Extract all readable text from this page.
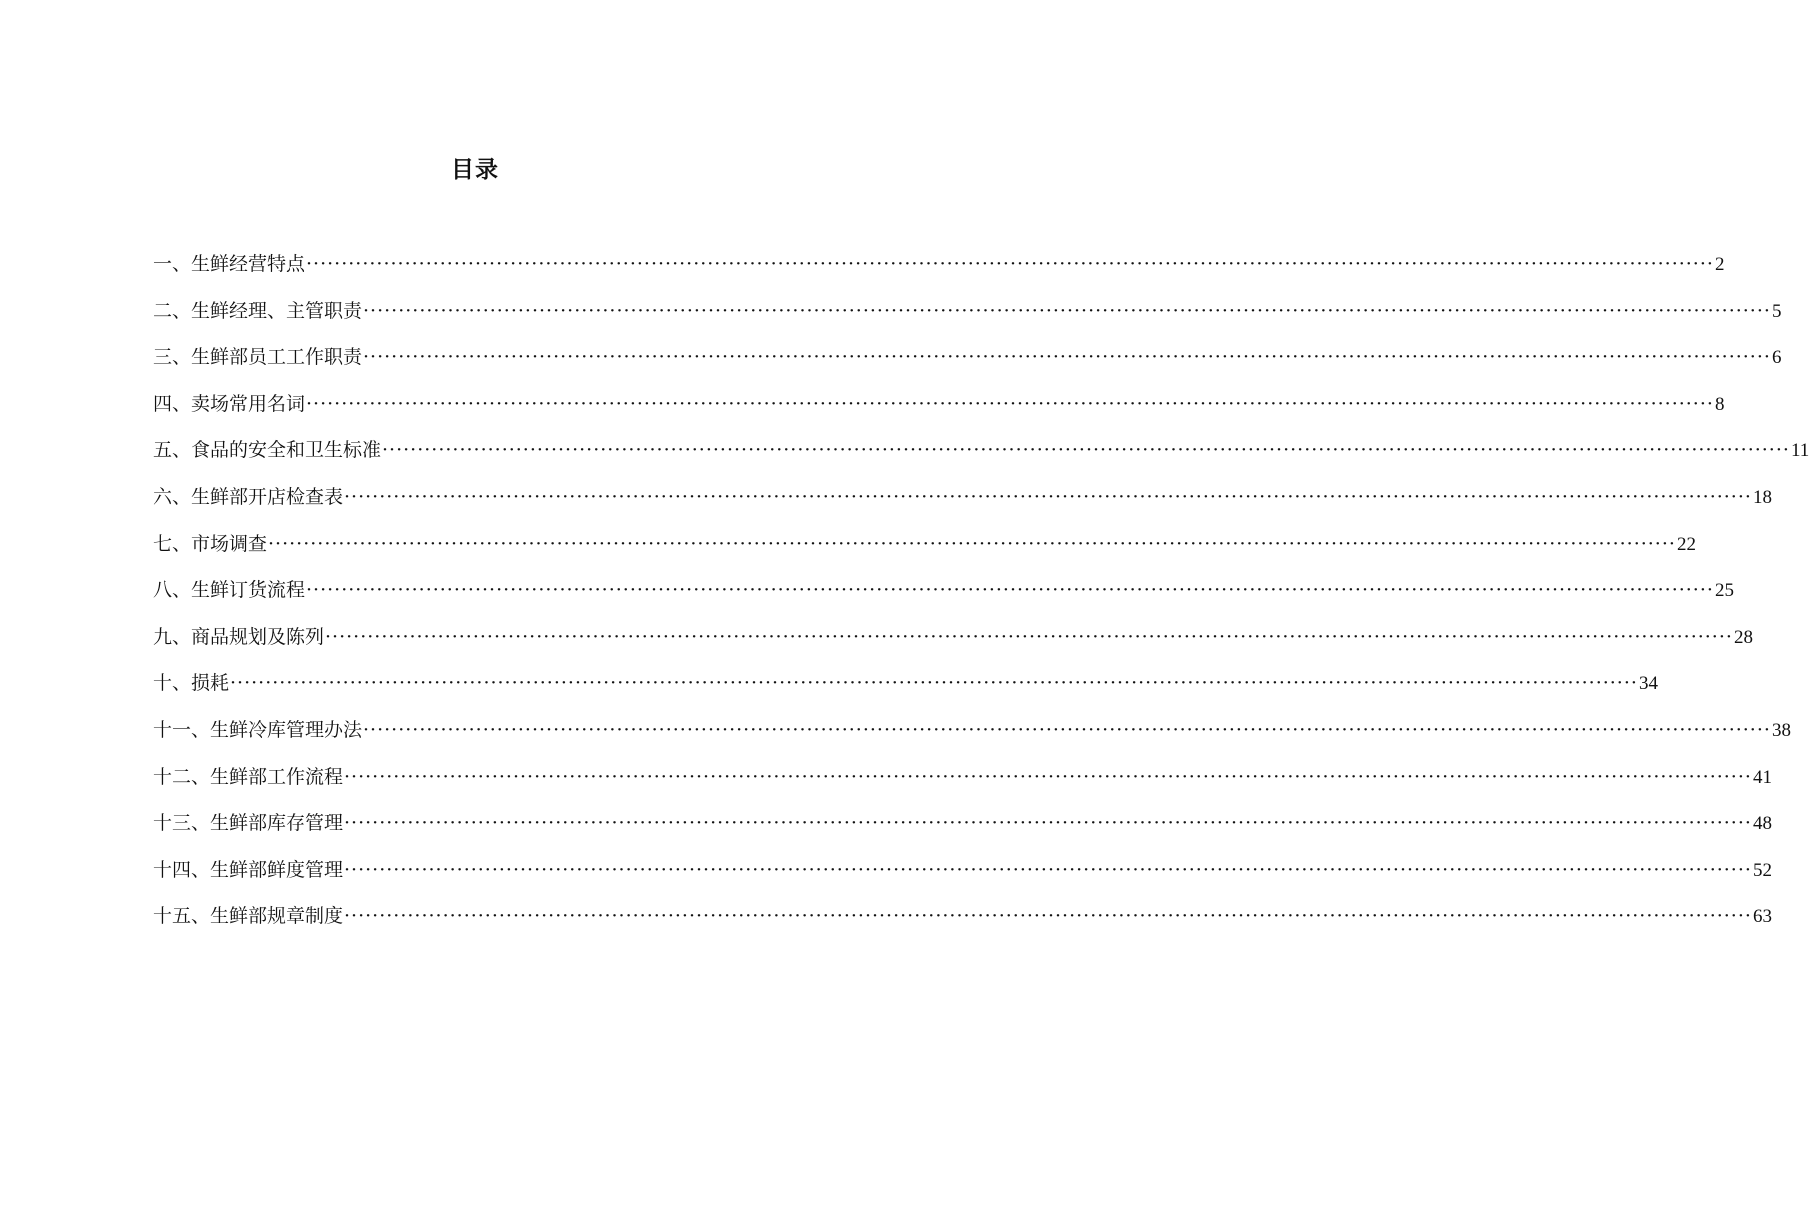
目录
一、生鲜经营特点 ········································································································································································································ 2
二、生鲜经理、主管职责 ········································································································································································································ 5
三、生鲜部员工工作职责 ········································································································································································································ 6
四、卖场常用名词 ········································································································································································································ 8
五、食品的安全和卫生标准 ········································································································································································································ 11
六、生鲜部开店检查表 ········································································································································································································ 18
七、市场调查 ········································································································································································································ 22
八、生鲜订货流程 ········································································································································································································ 25
九、商品规划及陈列 ········································································································································································································ 28
十、损耗 ········································································································································································································ 34
十一、生鲜冷库管理办法 ········································································································································································································ 38
十二、生鲜部工作流程 ········································································································································································································ 41
十三、生鲜部库存管理 ········································································································································································································ 48
十四、生鲜部鲜度管理 ········································································································································································································ 52
十五、生鲜部规章制度 ········································································································································································································ 63
